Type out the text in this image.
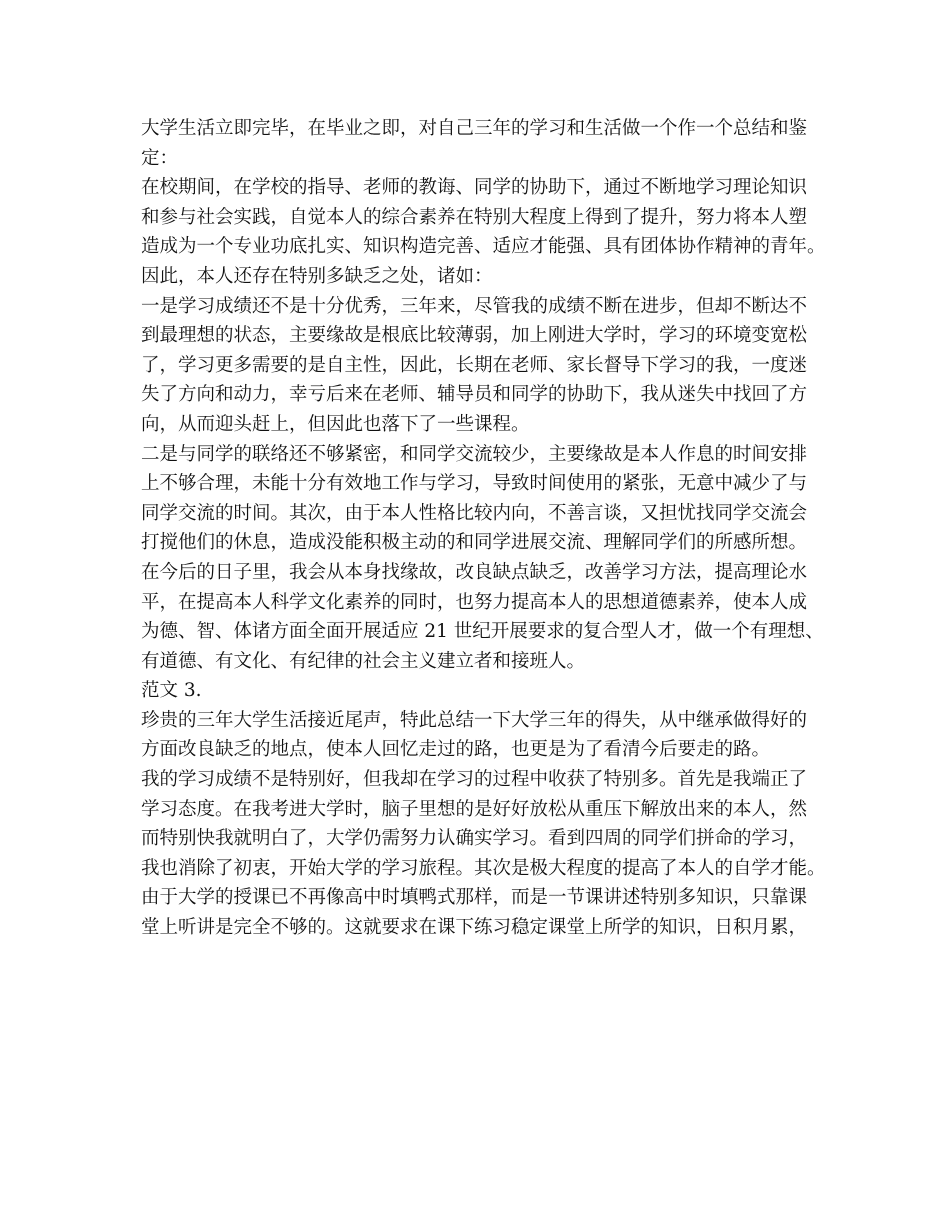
大学生活立即完毕，在毕业之即，对自己三年的学习和生活做一个作一个总结和鉴
定：

在校期间，在学校的指导、老师的教诲、同学的协助下，通过不断地学习理论知识
和参与社会实践，自觉本人的综合素养在特别大程度上得到了提升，努力将本人塑
造成为一个专业功底扎实、知识构造完善、适应才能强、具有团体协作精神的青年。

因此，本人还存在特别多缺乏之处，诸如：

一是学习成绩还不是十分优秀，三年来，尽管我的成绩不断在进步，但却不断达不
到最理想的状态，主要缘故是根底比较薄弱，加上刚进大学时，学习的环境变宽松
了，学习更多需要的是自主性，因此，长期在老师、家长督导下学习的我，一度迷
失了方向和动力，幸亏后来在老师、辅导员和同学的协助下，我从迷失中找回了方
向，从而迎头赶上，但因此也落下了一些课程。

二是与同学的联络还不够紧密，和同学交流较少，主要缘故是本人作息的时间安排
上不够合理，未能十分有效地工作与学习，导致时间使用的紧张，无意中减少了与
同学交流的时间。其次，由于本人性格比较内向，不善言谈，又担忧找同学交流会
打搅他们的休息，造成没能积极主动的和同学进展交流、理解同学们的所感所想。

在今后的日子里，我会从本身找缘故，改良缺点缺乏，改善学习方法，提高理论水
平，在提高本人科学文化素养的同时，也努力提高本人的思想道德素养，使本人成
为德、智、体诸方面全面开展适应 21 世纪开展要求的复合型人才，做一个有理想、
有道德、有文化、有纪律的社会主义建立者和接班人。

范文 3.

珍贵的三年大学生活接近尾声，特此总结一下大学三年的得失，从中继承做得好的
方面改良缺乏的地点，使本人回忆走过的路，也更是为了看清今后要走的路。

我的学习成绩不是特别好，但我却在学习的过程中收获了特别多。首先是我端正了
学习态度。在我考进大学时，脑子里想的是好好放松从重压下解放出来的本人，然
而特别快我就明白了，大学仍需努力认确实学习。看到四周的同学们拼命的学习，
我也消除了初衷，开始大学的学习旅程。其次是极大程度的提高了本人的自学才能。
由于大学的授课已不再像高中时填鸭式那样，而是一节课讲述特别多知识，只靠课
堂上听讲是完全不够的。这就要求在课下练习稳定课堂上所学的知识，日积月累，
